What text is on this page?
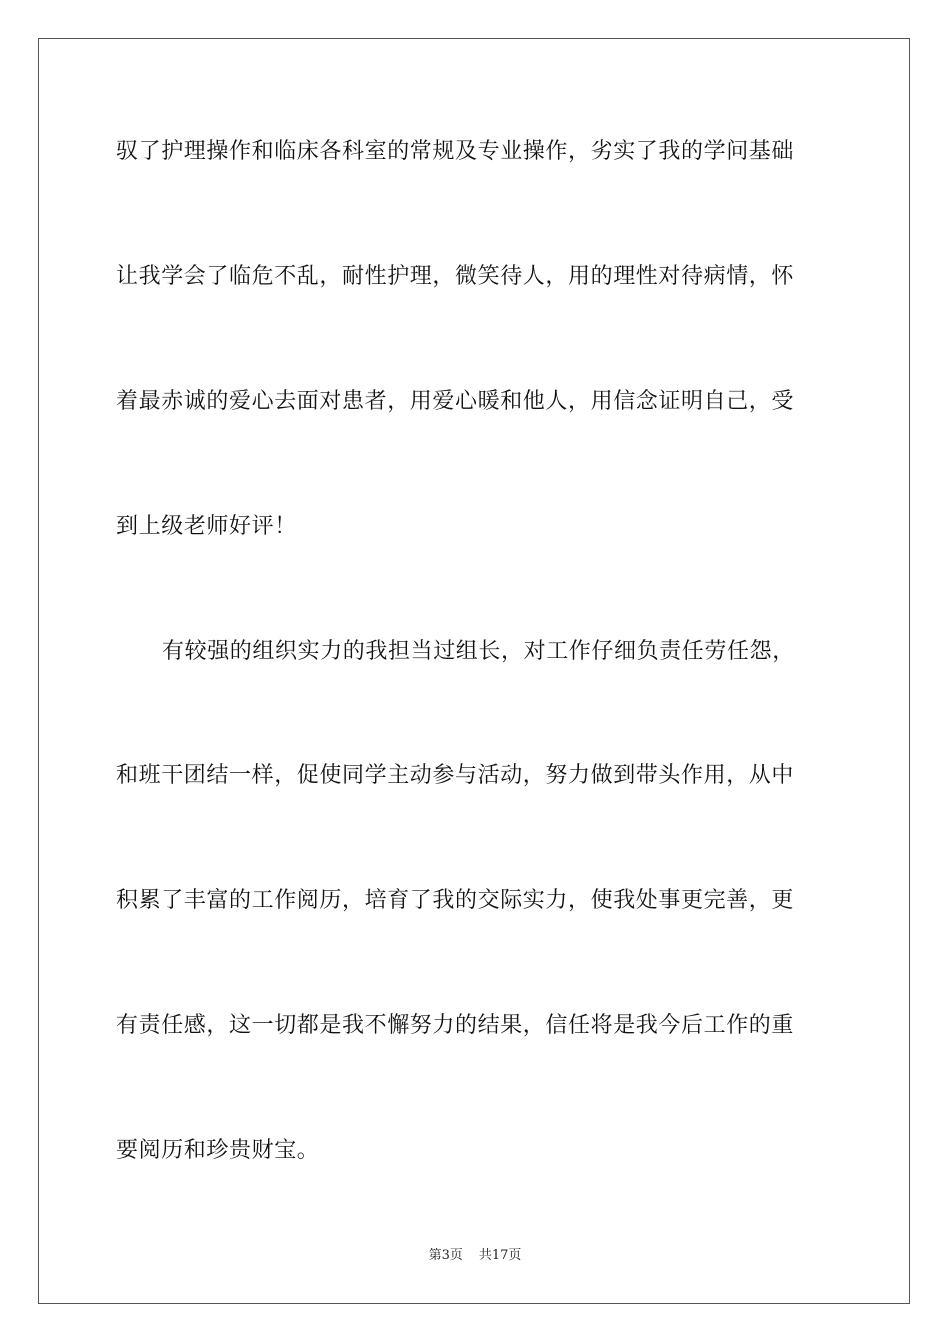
驭了护理操作和临床各科室的常规及专业操作，劣实了我的学问基础
让我学会了临危不乱，耐性护理，微笑待人，用的理性对待病情，怀
着最赤诚的爱心去面对患者，用爱心暖和他人，用信念证明自己，受
到上级老师好评！
有较强的组织实力的我担当过组长，对工作仔细负责任劳任怨，
和班干团结一样，促使同学主动参与活动，努力做到带头作用，从中
积累了丰富的工作阅历，培育了我的交际实力，使我处事更完善，更
有责任感，这一切都是我不懈努力的结果，信任将是我今后工作的重
要阅历和珍贵财宝。
第3页 共17页
